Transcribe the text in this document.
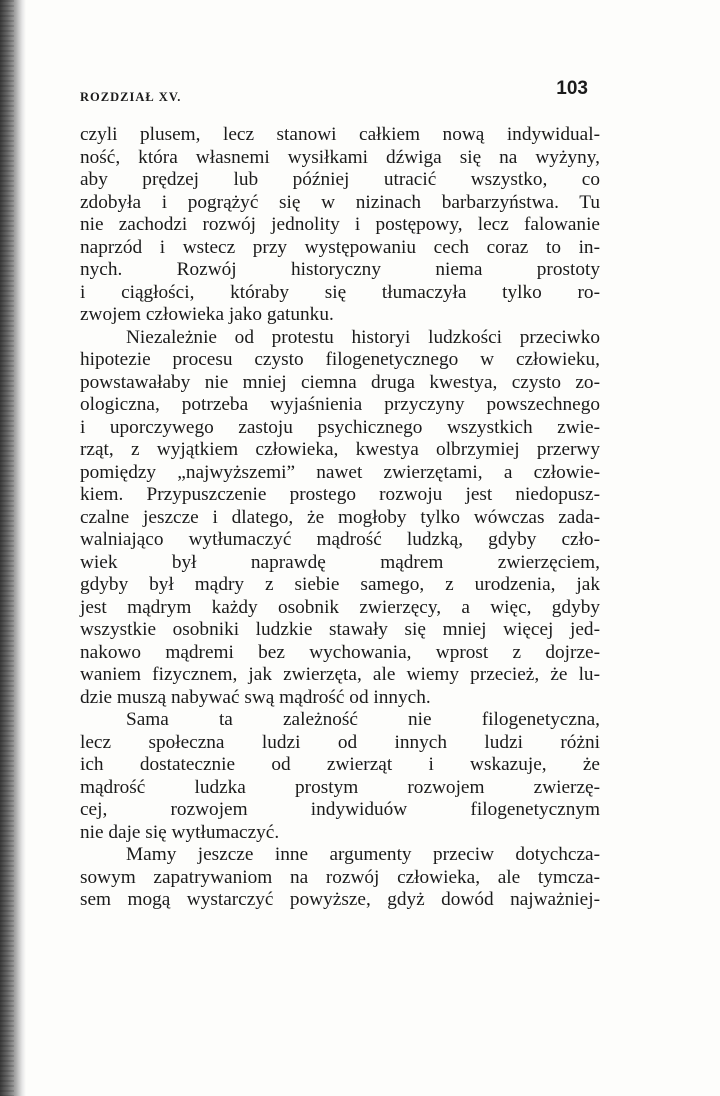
ROZDZIAŁ XV.	103
czyli plusem, lecz stanowi całkiem nową indywidual‐
ność, która własnemi wysiłkami dźwiga się na wyżyny,
aby prędzej lub później utracić wszystko, co
zdobyła i pogrążyć się w nizinach barbarzyństwa. Tu
nie zachodzi rozwój jednolity i postępowy, lecz falowanie
naprzód i wstecz przy występowaniu cech coraz to in‐
nych. Rozwój historyczny niema prostoty
i ciągłości, któraby się tłumaczyła tylko ro‐
zwojem człowieka jako gatunku.
Niezależnie od protestu historyi ludzkości przeciwko
hipotezie procesu czysto filogenetycznego w człowieku,
powstawałaby nie mniej ciemna druga kwestya, czysto zo‐
ologiczna, potrzeba wyjaśnienia przyczyny powszechnego
i uporczywego zastoju psychicznego wszystkich zwie‐
rząt, z wyjątkiem człowieka, kwestya olbrzymiej przerwy
pomiędzy „najwyższemi” nawet zwierzętami, a człowie‐
kiem. Przypuszczenie prostego rozwoju jest niedopusz‐
czalne jeszcze i dlatego, że mogłoby tylko wówczas zada‐
walniająco wytłumaczyć mądrość ludzką, gdyby czło‐
wiek był naprawdę mądrem zwierzęciem,
gdyby był mądry z siebie samego, z urodzenia, jak
jest mądrym każdy osobnik zwierzęcy, a więc, gdyby
wszystkie osobniki ludzkie stawały się mniej więcej jed‐
nakowo mądremi bez wychowania, wprost z dojrze‐
waniem fizycznem, jak zwierzęta, ale wiemy przecież, że lu‐
dzie muszą nabywać swą mądrość od innych.
Sama ta zależność nie filogenetyczna,
lecz społeczna ludzi od innych ludzi różni
ich dostatecznie od zwierząt i wskazuje, że
mądrość ludzka prostym rozwojem zwierzę‐
cej, rozwojem indywiduów filogenetycznym
nie daje się wytłumaczyć.
Mamy jeszcze inne argumenty przeciw dotychcza‐
sowym zapatrywaniom na rozwój człowieka, ale tymcza‐
sem mogą wystarczyć powyższe, gdyż dowód najważniej‐
